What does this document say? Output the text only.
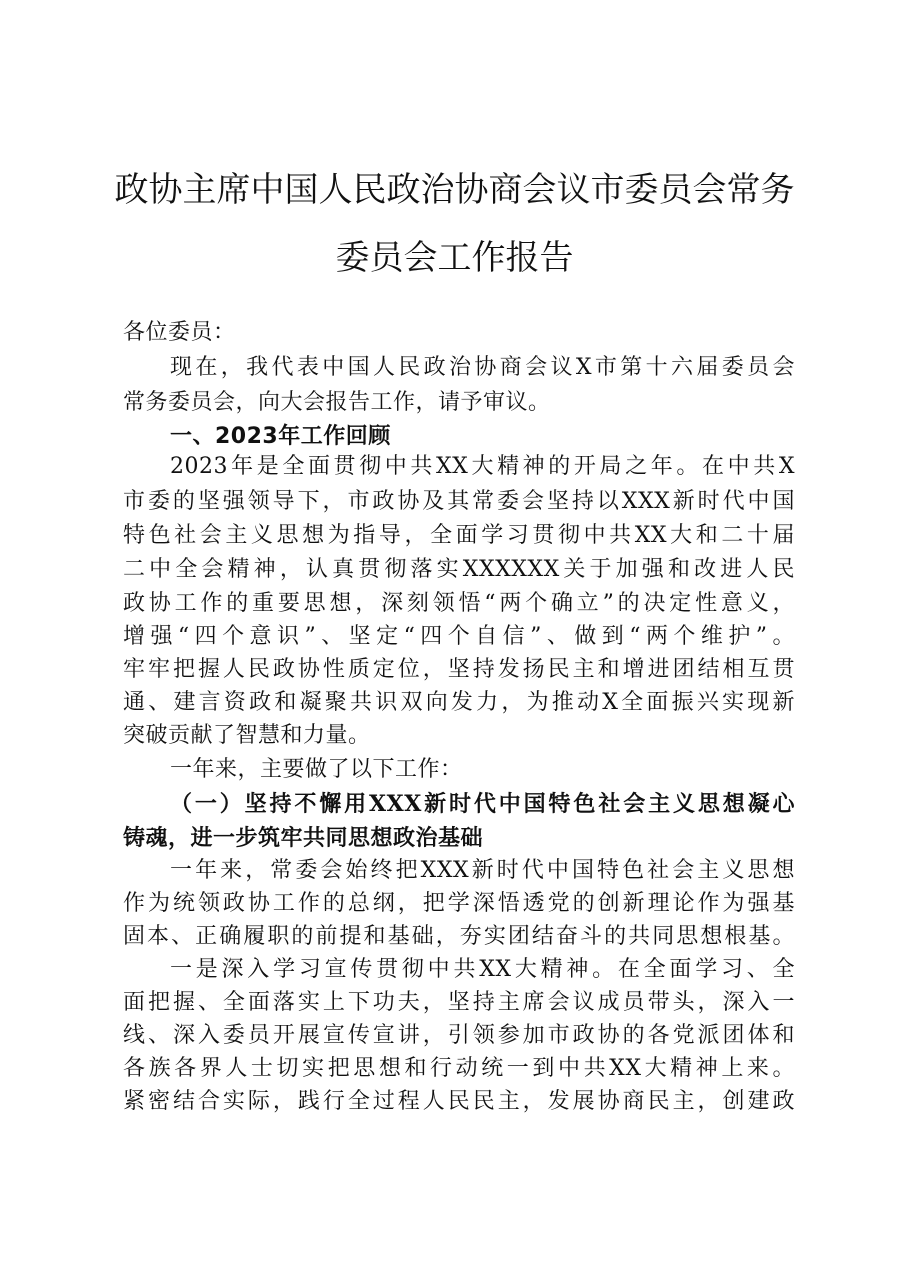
政协主席中国人民政治协商会议市委员会常务
委员会工作报告
各位委员：
现在，我代表中国人民政治协商会议X市第十六届委员会
常务委员会，向大会报告工作，请予审议。
一、2023年工作回顾
2023年是全面贯彻中共XX大精神的开局之年。在中共X
市委的坚强领导下，市政协及其常委会坚持以XXX新时代中国
特色社会主义思想为指导，全面学习贯彻中共XX大和二十届
二中全会精神，认真贯彻落实XXXXXX关于加强和改进人民
政协工作的重要思想，深刻领悟“两个确立”的决定性意义，
增强“四个意识”、坚定“四个自信”、做到“两个维护”。
牢牢把握人民政协性质定位，坚持发扬民主和增进团结相互贯
通、建言资政和凝聚共识双向发力，为推动X全面振兴实现新
突破贡献了智慧和力量。
一年来，主要做了以下工作：
（一）坚持不懈用XXX新时代中国特色社会主义思想凝心
铸魂，进一步筑牢共同思想政治基础
一年来，常委会始终把XXX新时代中国特色社会主义思想
作为统领政协工作的总纲，把学深悟透党的创新理论作为强基
固本、正确履职的前提和基础，夯实团结奋斗的共同思想根基。
一是深入学习宣传贯彻中共XX大精神。在全面学习、全
面把握、全面落实上下功夫，坚持主席会议成员带头，深入一
线、深入委员开展宣传宣讲，引领参加市政协的各党派团体和
各族各界人士切实把思想和行动统一到中共XX大精神上来。
紧密结合实际，践行全过程人民民主，发展协商民主，创建政
